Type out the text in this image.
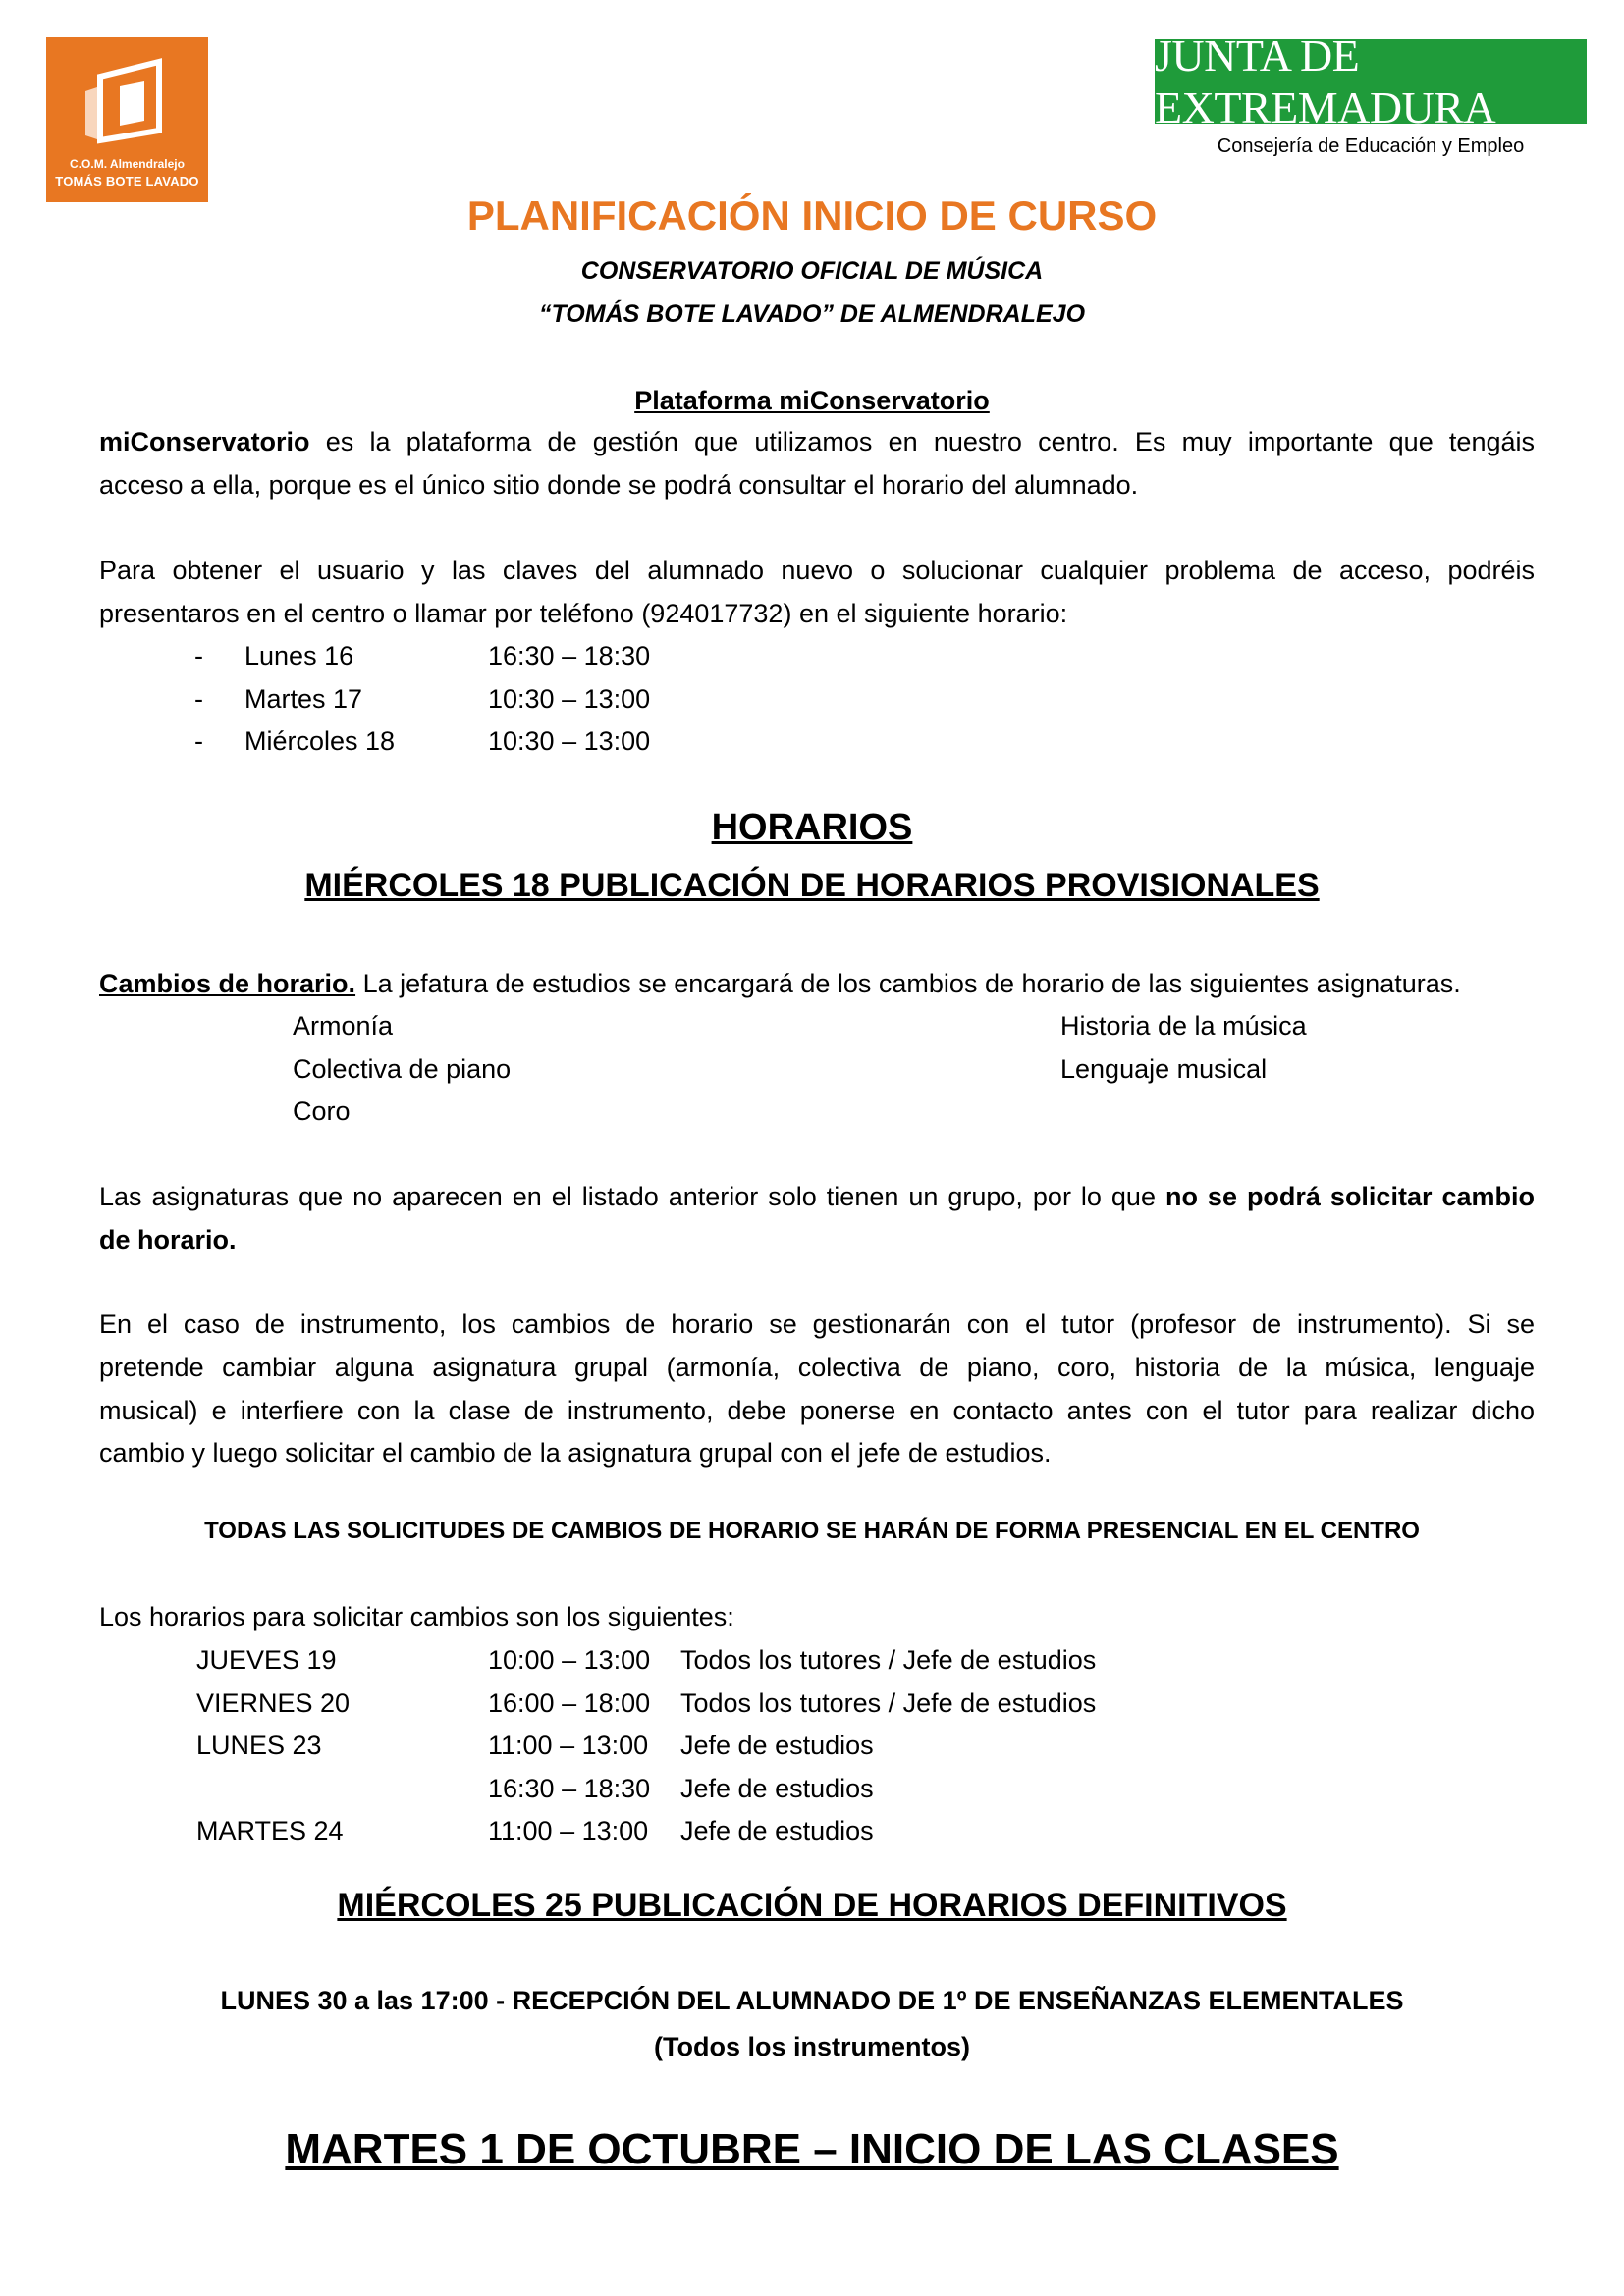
C.O.M. Almendralejo
TOMÁS BOTE LAVADO
JUNTA DE EXTREMADURA
Consejería de Educación y Empleo
PLANIFICACIÓN INICIO DE CURSO
CONSERVATORIO OFICIAL DE MÚSICA
“TOMÁS BOTE LAVADO” DE ALMENDRALEJO
Plataforma miConservatorio
miConservatorio es la plataforma de gestión que utilizamos en nuestro centro. Es muy importante que tengáis
acceso a ella, porque es el único sitio donde se podrá consultar el horario del alumnado.
Para obtener el usuario y las claves del alumnado nuevo o solucionar cualquier problema de acceso, podréis
presentaros en el centro o llamar por teléfono (924017732) en el siguiente horario:
- Lunes 16	16:30 – 18:30
- Martes 17	10:30 – 13:00
- Miércoles 18	10:30 – 13:00
HORARIOS
MIÉRCOLES 18 PUBLICACIÓN DE HORARIOS PROVISIONALES
Cambios de horario. La jefatura de estudios se encargará de los cambios de horario de las siguientes asignaturas.
Armonía	Historia de la música
Colectiva de piano	Lenguaje musical
Coro
Las asignaturas que no aparecen en el listado anterior solo tienen un grupo, por lo que no se podrá solicitar cambio
de horario.
En el caso de instrumento, los cambios de horario se gestionarán con el tutor (profesor de instrumento). Si se
pretende cambiar alguna asignatura grupal (armonía, colectiva de piano, coro, historia de la música, lenguaje
musical) e interfiere con la clase de instrumento, debe ponerse en contacto antes con el tutor para realizar dicho
cambio y luego solicitar el cambio de la asignatura grupal con el jefe de estudios.
TODAS LAS SOLICITUDES DE CAMBIOS DE HORARIO SE HARÁN DE FORMA PRESENCIAL EN EL CENTRO
Los horarios para solicitar cambios son los siguientes:
JUEVES 19	10:00 – 13:00 Todos los tutores / Jefe de estudios
VIERNES 20	16:00 – 18:00 Todos los tutores / Jefe de estudios
LUNES 23	11:00 – 13:00 Jefe de estudios
16:30 – 18:30 Jefe de estudios
MARTES 24	11:00 – 13:00 Jefe de estudios
MIÉRCOLES 25 PUBLICACIÓN DE HORARIOS DEFINITIVOS
LUNES 30 a las 17:00 - RECEPCIÓN DEL ALUMNADO DE 1º DE ENSEÑANZAS ELEMENTALES
(Todos los instrumentos)
MARTES 1 DE OCTUBRE – INICIO DE LAS CLASES
